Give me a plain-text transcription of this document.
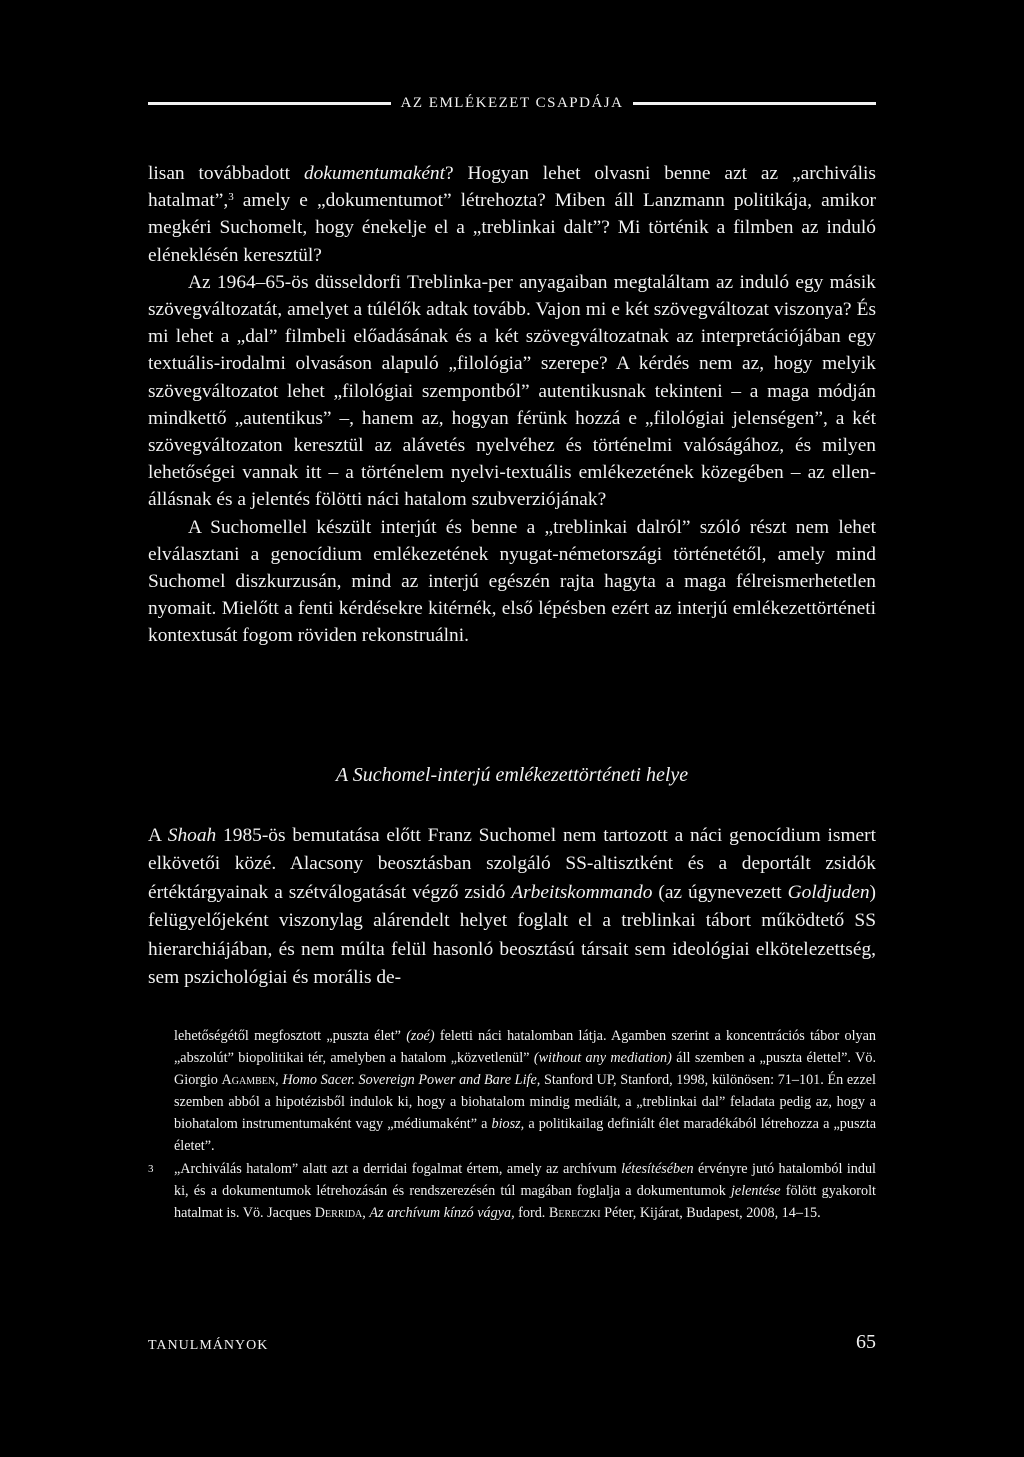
AZ EMLÉKEZET CSAPDÁJA

lisan továbbadott dokumentumaként? Hogyan lehet olvasni benne azt az „archivális hatalmat”,$^3$ amely e „dokumentumot” létrehozta? Miben áll Lanzmann politikája, amikor megkéri Suchomelt, hogy énekelje el a „treblinkai dalt”? Mi történik a filmben az induló eléneklésén keresztül?

Az 1964–65-ös düsseldorfi Treblinka-per anyagaiban megtaláltam az induló egy másik szövegváltozatát, amelyet a túlélők adtak tovább. Vajon mi e két szövegváltozat viszonya? És mi lehet a „dal” filmbeli előadásának és a két szövegváltozatnak az interpretációjában egy textuális-irodalmi olvasáson alapuló „filológia” szerepe? A kérdés nem az, hogy melyik szövegváltozatot lehet „filológiai szempontból” autentikusnak tekinteni – a maga módján mindkettő „autentikus” –, hanem az, hogyan férünk hozzá e „filológiai jelenségen”, a két szövegváltozaton keresztül az alávetés nyelvéhez és történelmi valóságához, és milyen lehetőségei vannak itt – a történelem nyelvi-textuális emlékezetének közegében – az ellenállásnak és a jelentés fölötti náci hatalom szubverziójának?

A Suchomellel készült interjút és benne a „treblinkai dalról” szóló részt nem lehet elválasztani a genocídium emlékezetének nyugat-németországi történetétől, amely mind Suchomel diszkurzusán, mind az interjú egészén rajta hagyta a maga félreismerhetetlen nyomait. Mielőtt a fenti kérdésekre kitérnék, első lépésben ezért az interjú emlékezettörténeti kontextusát fogom röviden rekonstruálni.

A Suchomel-interjú emlékezettörténeti helye

A Shoah 1985-ös bemutatása előtt Franz Suchomel nem tartozott a náci genocídium ismert elkövetői közé. Alacsony beosztásban szolgáló SS-altisztként és a deportált zsidók értéktárgyainak a szétválogatását végző zsidó Arbeitskommando (az úgynevezett Goldjuden) felügyelőjeként viszonylag alárendelt helyet foglalt el a treblinkai tábort működtető SS hierarchiájában, és nem múlta felül hasonló beosztású társait sem ideológiai elkötelezettség, sem pszichológiai és morális de-

lehetőségétől megfosztott „puszta élet” (zoé) feletti náci hatalomban látja. Agamben szerint a koncentrációs tábor olyan „abszolút” biopolitikai tér, amelyben a hatalom „közvetlenül” (without any mediation) áll szemben a „puszta élettel”. Vö. Giorgio Agamben, Homo Sacer. Sovereign Power and Bare Life, Stanford UP, Stanford, 1998, különösen: 71–101. Én ezzel szemben abból a hipotézisből indulok ki, hogy a biohatalom mindig mediált, a „treblinkai dal” feladata pedig az, hogy a biohatalom instrumentumaként vagy „médiumaként” a biosz, a politikailag definiált élet maradékából létrehozza a „puszta életet”.

3 „Archiválás hatalom” alatt azt a derridai fogalmat értem, amely az archívum létesítésében érvényre jutó hatalomból indul ki, és a dokumentumok létrehozásán és rendszerezésén túl magában foglalja a dokumentumok jelentése fölött gyakorolt hatalmat is. Vö. Jacques Derrida, Az archívum kínzó vágya, ford. Bereczki Péter, Kijárat, Budapest, 2008, 14–15.

TANULMÁNYOK	65
